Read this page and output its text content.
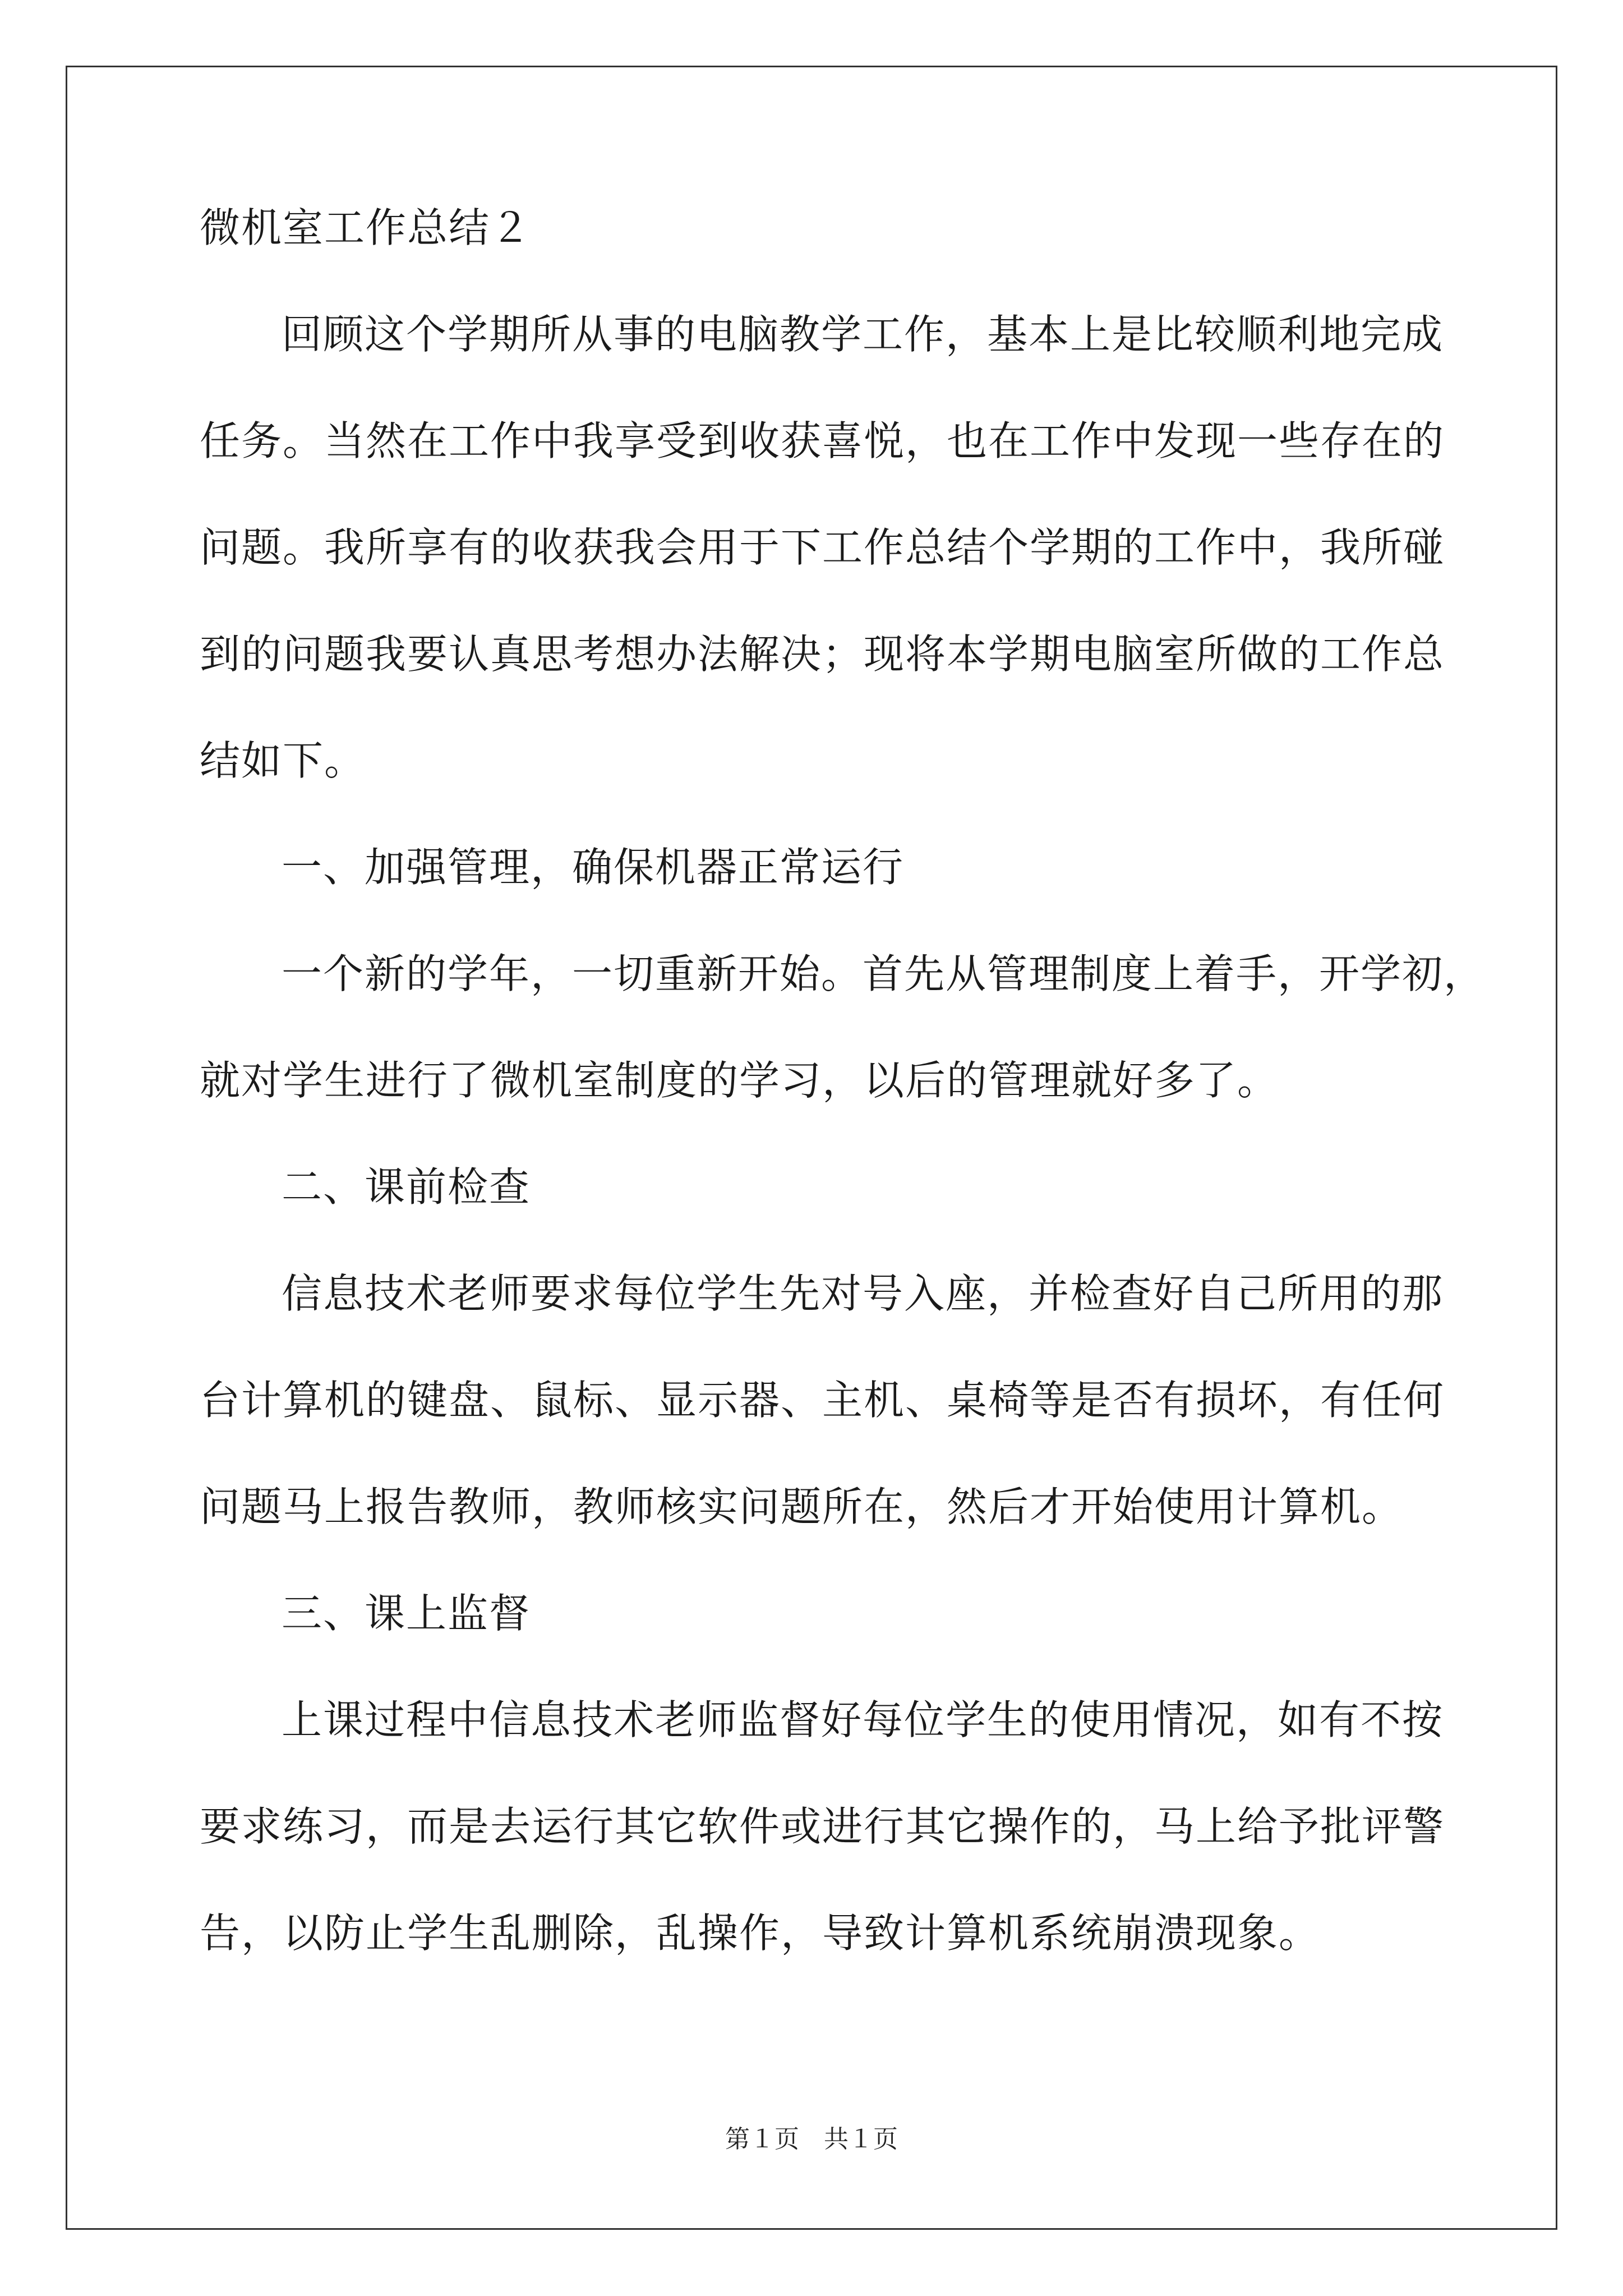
微机室工作总结２
回顾这个学期所从事的电脑教学工作，基本上是比较顺利地完成
任务。当然在工作中我享受到收获喜悦，也在工作中发现一些存在的
问题。我所享有的收获我会用于下工作总结个学期的工作中，我所碰
到的问题我要认真思考想办法解决；现将本学期电脑室所做的工作总
结如下。
一、加强管理，确保机器正常运行
一个新的学年，一切重新开始。首先从管理制度上着手，开学初，
就对学生进行了微机室制度的学习，以后的管理就好多了。
二、课前检查
信息技术老师要求每位学生先对号入座，并检查好自己所用的那
台计算机的键盘、鼠标、显示器、主机、桌椅等是否有损坏，有任何
问题马上报告教师，教师核实问题所在，然后才开始使用计算机。
三、课上监督
上课过程中信息技术老师监督好每位学生的使用情况，如有不按
要求练习，而是去运行其它软件或进行其它操作的，马上给予批评警
告，以防止学生乱删除，乱操作，导致计算机系统崩溃现象。
第１页　共１页
